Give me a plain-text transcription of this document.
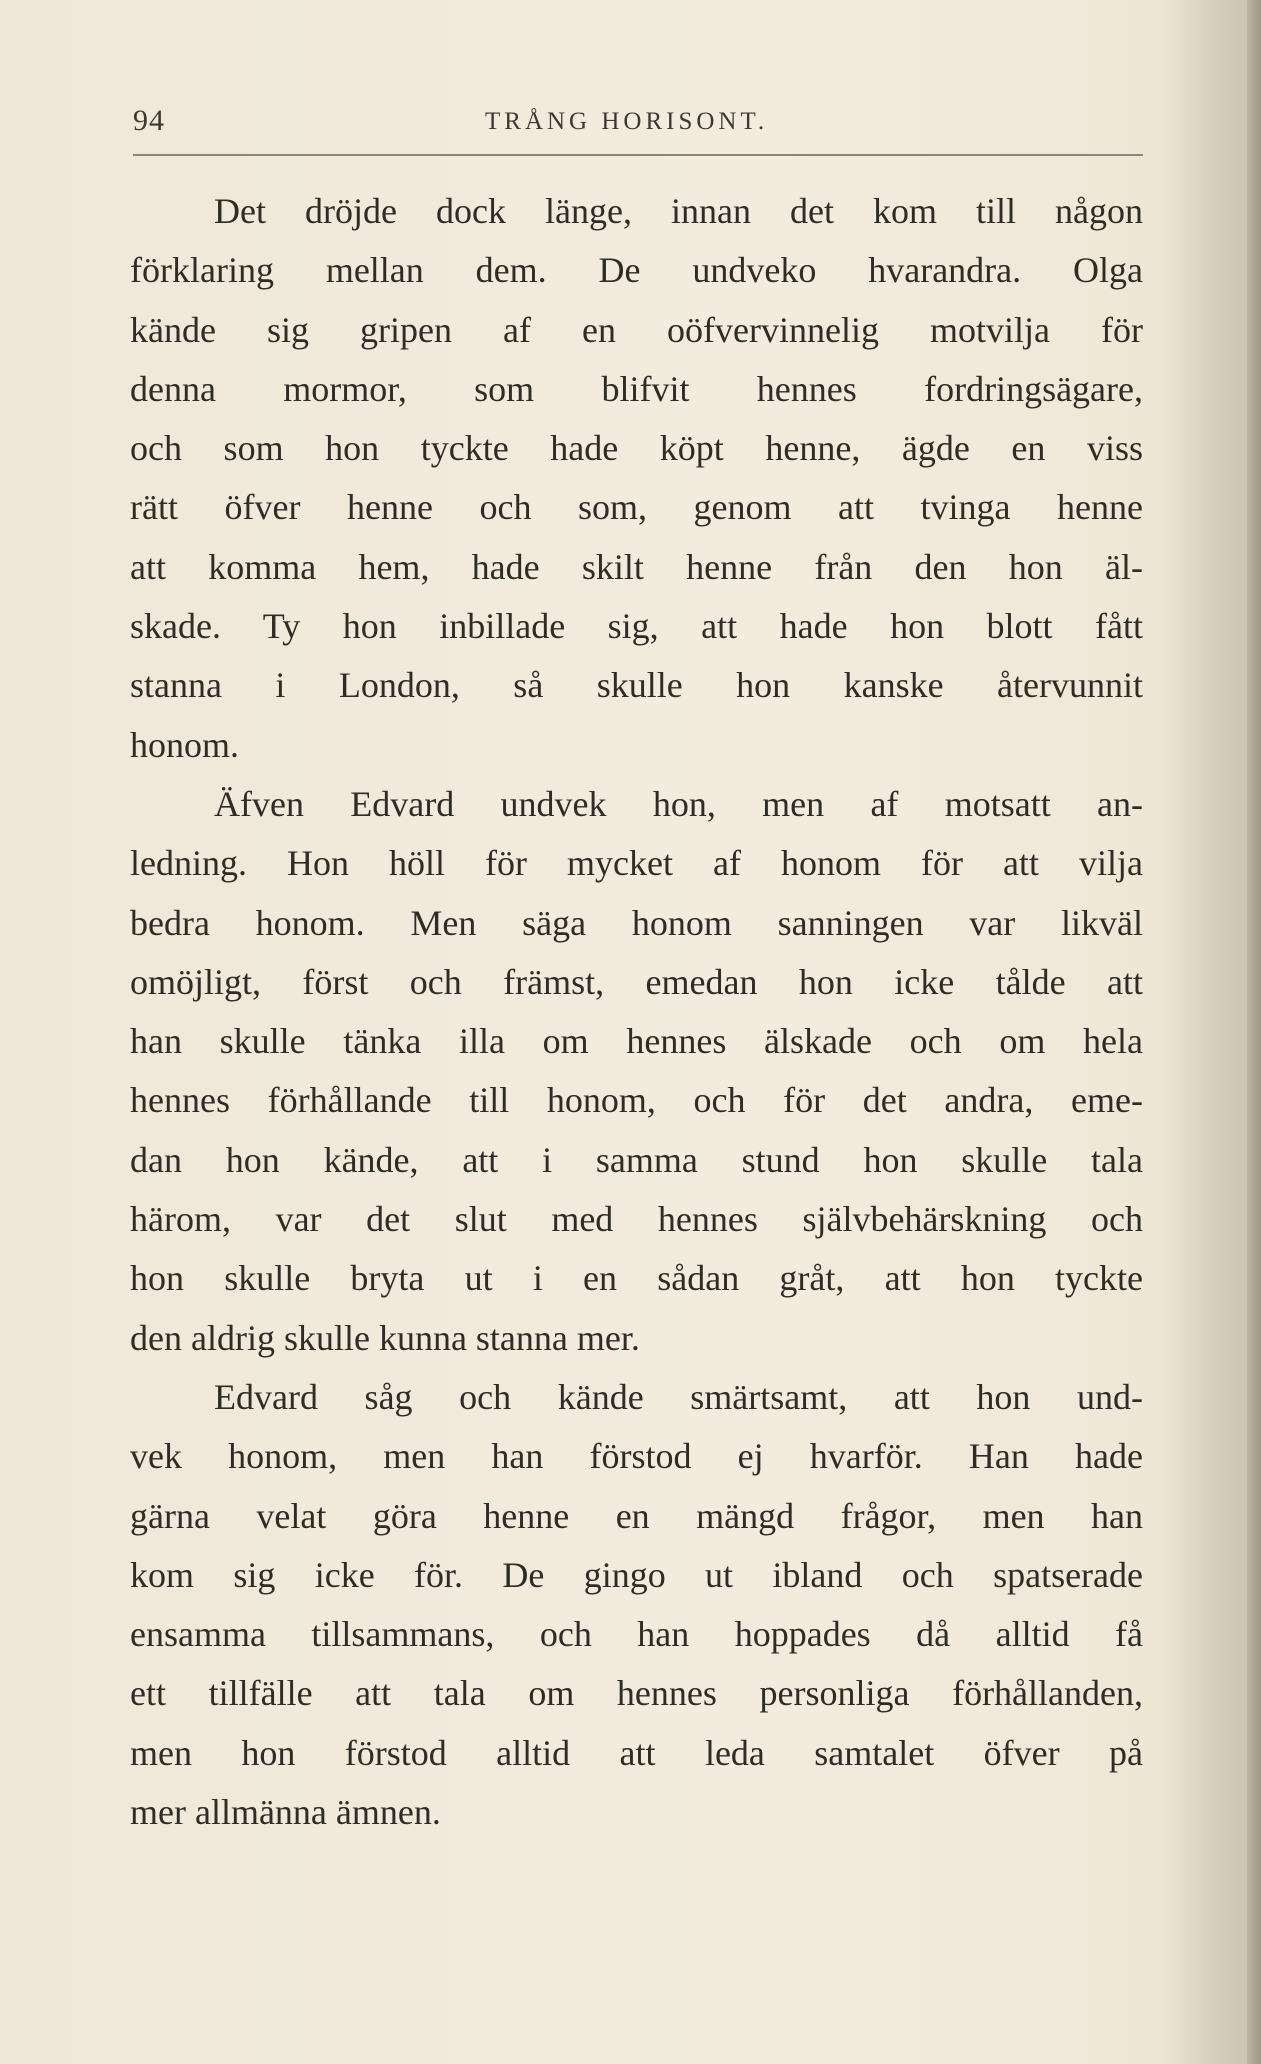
94	TRÅNG HORISONT.
Det dröjde dock länge, innan det kom till någon
förklaring mellan dem. De undveko hvarandra. Olga
kände sig gripen af en oöfvervinnelig motvilja för
denna mormor, som blifvit hennes fordringsägare,
och som hon tyckte hade köpt henne, ägde en viss
rätt öfver henne och som, genom att tvinga henne
att komma hem, hade skilt henne från den hon äl-
skade. Ty hon inbillade sig, att hade hon blott fått
stanna i London, så skulle hon kanske återvunnit
honom.
Äfven Edvard undvek hon, men af motsatt an-
ledning. Hon höll för mycket af honom för att vilja
bedra honom. Men säga honom sanningen var likväl
omöjligt, först och främst, emedan hon icke tålde att
han skulle tänka illa om hennes älskade och om hela
hennes förhållande till honom, och för det andra, eme-
dan hon kände, att i samma stund hon skulle tala
härom, var det slut med hennes självbehärskning och
hon skulle bryta ut i en sådan gråt, att hon tyckte
den aldrig skulle kunna stanna mer.
Edvard såg och kände smärtsamt, att hon und-
vek honom, men han förstod ej hvarför. Han hade
gärna velat göra henne en mängd frågor, men han
kom sig icke för. De gingo ut ibland och spatserade
ensamma tillsammans, och han hoppades då alltid få
ett tillfälle att tala om hennes personliga förhållanden,
men hon förstod alltid att leda samtalet öfver på
mer allmänna ämnen.
